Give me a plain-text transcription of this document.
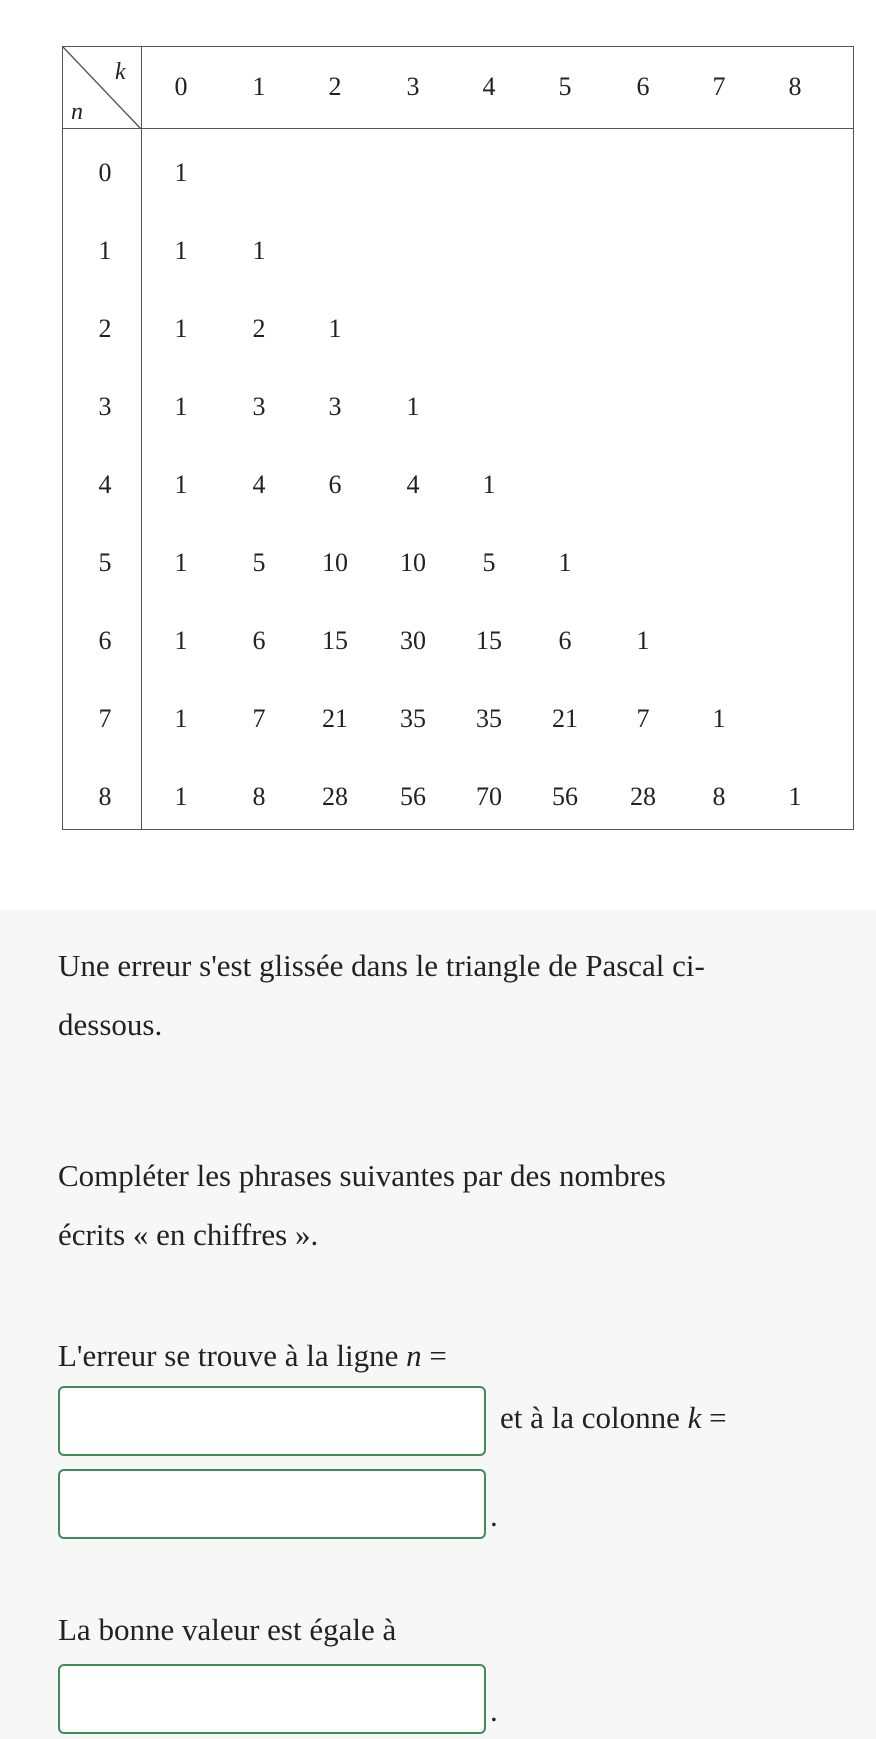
k
n
0	1	2	3	4	5	6	7	8
0	1
1	1	1
2	1	2	1
3	1	3	3	1
4	1	4	6	4	1
5	1	5	10	10	5	1
6	1	6	15	30	15	6	1
7	1	7	21	35	35	21	7	1
8	1	8	28	56	70	56	28	8	1
Une erreur s'est glissée dans le triangle de Pascal ci-
dessous.
Compléter les phrases suivantes par des nombres
écrits « en chiffres ».
L'erreur se trouve à la ligne n =
et à la colonne k =
.
La bonne valeur est égale à
.
